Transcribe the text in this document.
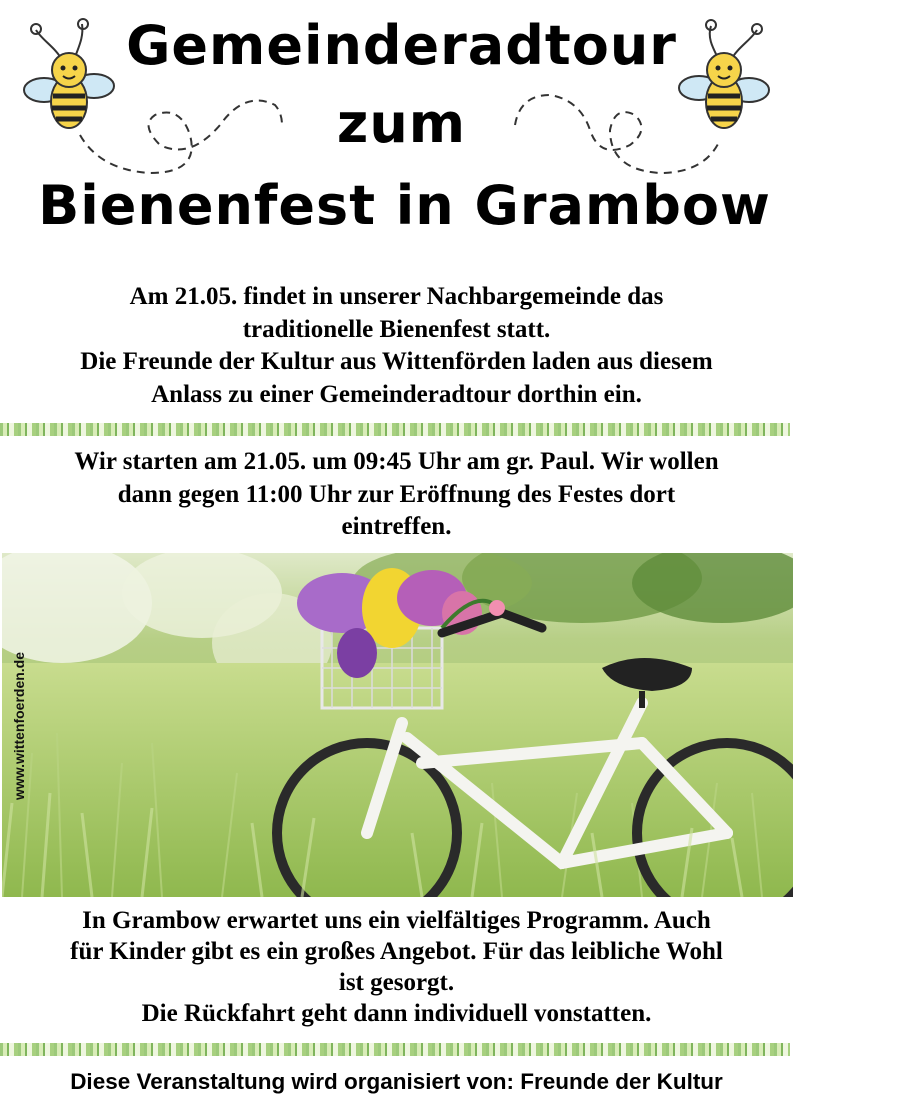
Gemeinderadtour
zum
Bienenfest in Grambow
Am 21.05. findet in unserer Nachbargemeinde das
traditionelle Bienenfest statt.
Die Freunde der Kultur aus Wittenförden laden aus diesem
Anlass zu einer Gemeinderadtour dorthin ein.
Wir starten am 21.05. um 09:45 Uhr am gr. Paul. Wir wollen
dann gegen 11:00 Uhr zur Eröffnung des Festes dort
eintreffen.
www.wittenfoerden.de
In Grambow erwartet uns ein vielfältiges Programm. Auch
für Kinder gibt es ein großes Angebot. Für das leibliche Wohl
ist gesorgt.
Die Rückfahrt geht dann individuell vonstatten.
Diese Veranstaltung wird organisiert von: Freunde der Kultur
